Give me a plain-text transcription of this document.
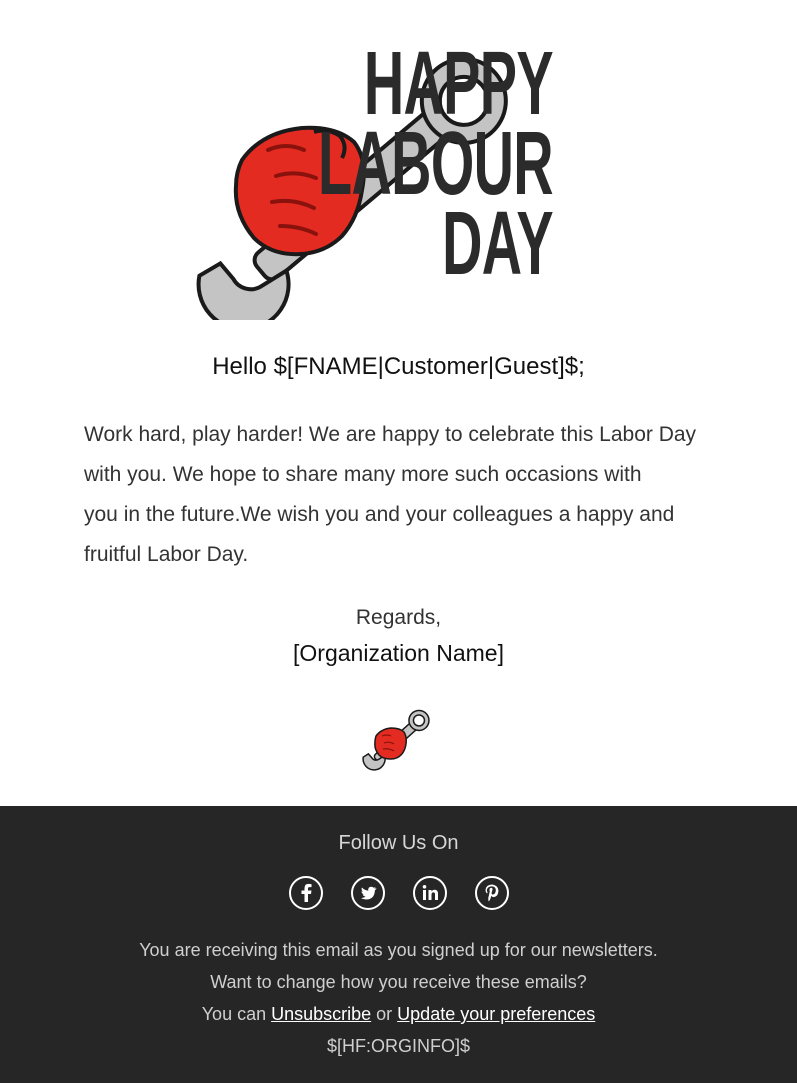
HAPPY
LABOUR
DAY
Hello $[FNAME|Customer|Guest]$;
Work hard, play harder! We are happy to celebrate this Labor Day
with you. We hope to share many more such occasions with
you in the future.We wish you and your colleagues a happy and
fruitful Labor Day.
Regards,
[Organization Name]
Follow Us On

You are receiving this email as you signed up for our newsletters.
Want to change how you receive these emails?
You can Unsubscribe or Update your preferences
$[HF:ORGINFO]$
